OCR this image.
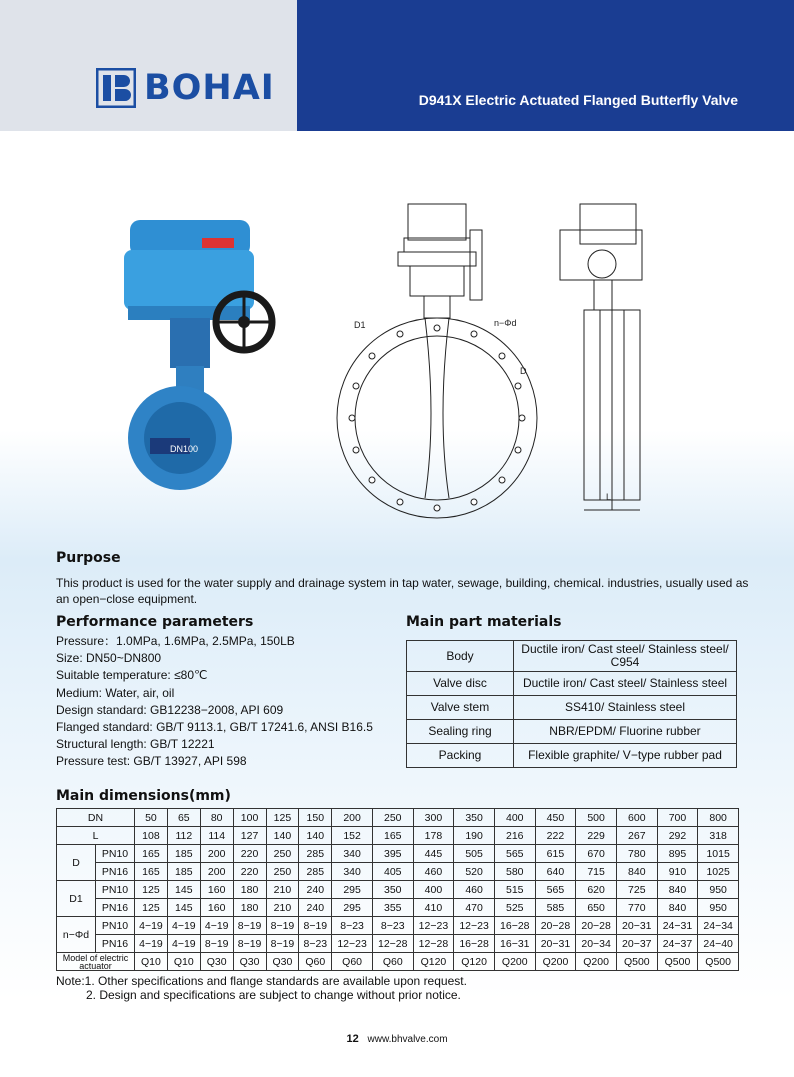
BOHAI	D941X Electric Actuated Flanged Butterfly Valve
DN100
D1	n−Φd
D
L
Purpose
This product is used for the water supply and drainage system in tap water, sewage, building, chemical. industries, usually used as an open−close equipment.
Performance parameters
Pressure：1.0MPa, 1.6MPa, 2.5MPa, 150LB
Size: DN50~DN800
Suitable temperature: ≤80℃
Medium: Water, air, oil
Design standard: GB12238−2008, API 609
Flanged standard: GB/T 9113.1, GB/T 17241.6, ANSI B16.5
Structural length: GB/T 12221
Pressure test: GB/T 13927, API 598
Main part materials
Body	Ductile iron/ Cast steel/ Stainless steel/ C954
Valve disc	Ductile iron/ Cast steel/ Stainless steel
Valve stem	SS410/ Stainless steel
Sealing ring	NBR/EPDM/ Fluorine rubber
Packing	Flexible graphite/ V−type rubber pad
Main dimensions(mm)
DN		50	65	80	100	125	150	200	250	300	350	400	450	500	600	700	800
L		108	112	114	127	140	140	152	165	178	190	216	222	229	267	292	318
D	PN10	165	185	200	220	250	285	340	395	445	505	565	615	670	780	895	1015
	PN16	165	185	200	220	250	285	340	405	460	520	580	640	715	840	910	1025
D1	PN10	125	145	160	180	210	240	295	350	400	460	515	565	620	725	840	950
	PN16	125	145	160	180	210	240	295	355	410	470	525	585	650	770	840	950
n−Φd	PN10	4−19	4−19	4−19	8−19	8−19	8−19	8−23	8−23	12−23	12−23	16−28	20−28	20−28	20−31	24−31	24−34
	PN16	4−19	4−19	8−19	8−19	8−19	8−23	12−23	12−28	12−28	16−28	16−31	20−31	20−34	20−37	24−37	24−40
Model of electric actuator		Q10	Q10	Q30	Q30	Q30	Q60	Q60	Q60	Q120	Q120	Q200	Q200	Q200	Q500	Q500	Q500
Note:1. Other specifications and flange standards are available upon request.
2. Design and specifications are subject to change without prior notice.
12 www.bhvalve.com
